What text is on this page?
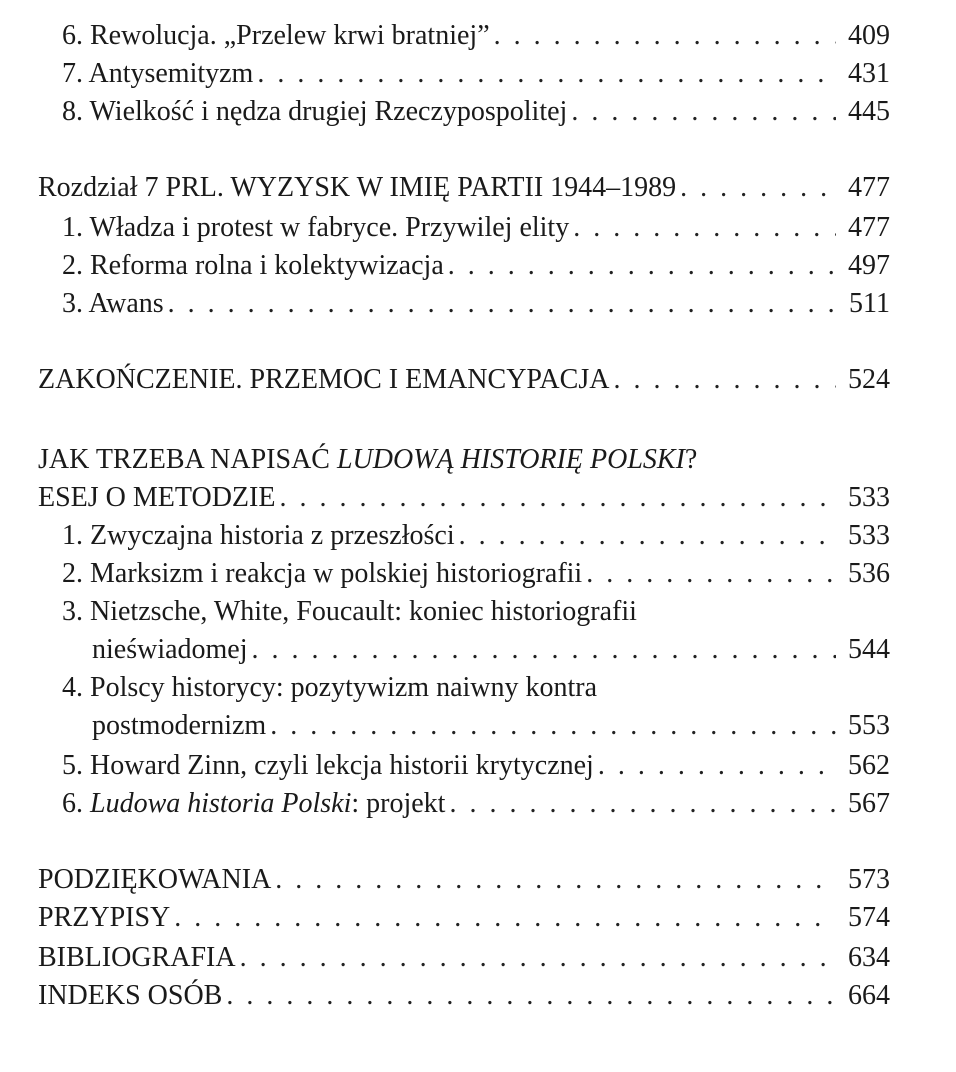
6. Rewolucja. „Przelew krwi bratniej” . . .	409
7. Antysemityzm . . .	431
8. Wielkość i nędza drugiej Rzeczypospolitej . . .	445
Rozdział 7 PRL. WYZYSK W IMIĘ PARTII 1944–1989 . . .	477
1. Władza i protest w fabryce. Przywilej elity . . .	477
2. Reforma rolna i kolektywizacja . . .	497
3. Awans . . .	511
ZAKOŃCZENIE. PRZEMOC I EMANCYPACJA . . .	524
JAK TRZEBA NAPISAĆ LUDOWĄ HISTORIĘ POLSKI?
ESEJ O METODZIE . . .	533
1. Zwyczajna historia z przeszłości . . .	533
2. Marksizm i reakcja w polskiej historiografii . . .	536
3. Nietzsche, White, Foucault: koniec historiografii
nieświadomej . . .	544
4. Polscy historycy: pozytywizm naiwny kontra
postmodernizm . . .	553
5. Howard Zinn, czyli lekcja historii krytycznej . . .	562
6. Ludowa historia Polski: projekt . . .	567
PODZIĘKOWANIA . . .	573
PRZYPISY . . .	574
BIBLIOGRAFIA . . .	634
INDEKS OSÓB . . .	664
